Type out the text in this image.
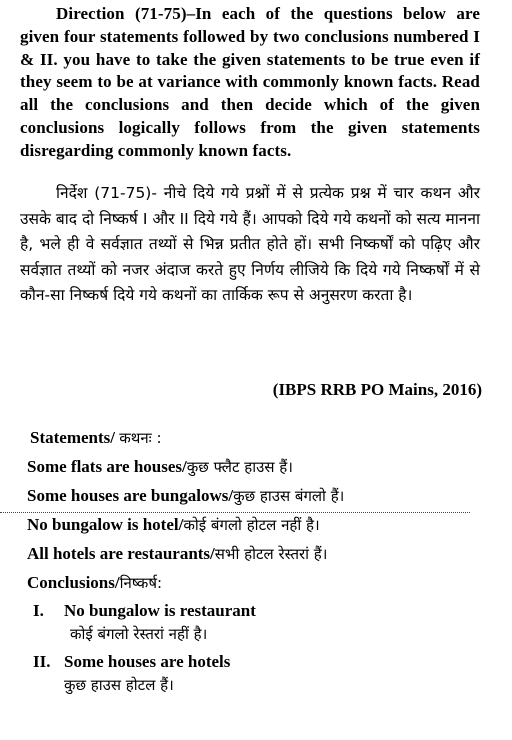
Direction (71-75)–In each of the questions below are given four statements followed by two conclusions numbered I & II. you have to take the given statements to be true even if they seem to be at variance with commonly known facts. Read all the conclusions and then decide which of the given conclusions logically follows from the given statements disregarding commonly known facts.
निर्देश (71-75)- नीचे दिये गये प्रश्नों में से प्रत्येक प्रश्न में चार कथन और उसके बाद दो निष्कर्ष I और II दिये गये हैं। आपको दिये गये कथनों को सत्य मानना है, भले ही वे सर्वज्ञात तथ्यों से भिन्न प्रतीत होते हों। सभी निष्कर्षों को पढ़िए और सर्वज्ञात तथ्यों को नजर अंदाज करते हुए निर्णय लीजिये कि दिये गये निष्कर्षों में से कौन-सा निष्कर्ष दिये गये कथनों का तार्किक रूप से अनुसरण करता है।
(IBPS RRB PO Mains, 2016)
Statements/ कथनः :
Some flats are houses/कुछ फ्लैट हाउस हैं।
Some houses are bungalows/कुछ हाउस बंगलो हैं।
No bungalow is hotel/कोई बंगलो होटल नहीं है।
All hotels are restaurants/सभी होटल रेस्तरां हैं।
Conclusions/निष्कर्ष:
I. No bungalow is restaurant
कोई बंगलो रेस्तरां नहीं है।
II. Some houses are hotels
कुछ हाउस होटल हैं।
